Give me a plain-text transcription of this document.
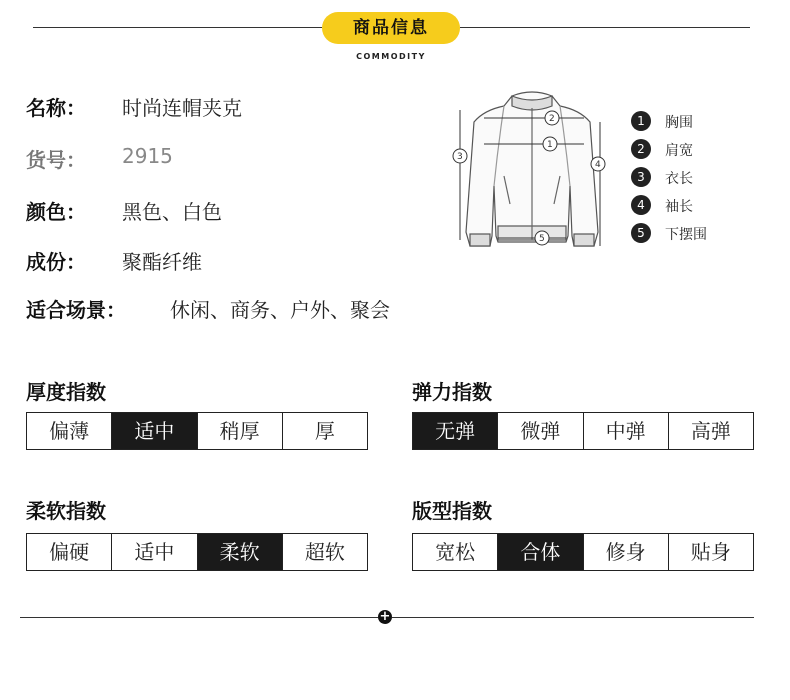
商品信息
COMMODITY
名称： 时尚连帽夹克
货号： 2915
颜色： 黑色、白色
成份： 聚酯纤维
适合场景： 休闲、商务、户外、聚会
2
1
3
4
5
1	胸围
2	肩宽
3	衣长
4	袖长
5	下摆围
厚度指数
偏薄	适中	稍厚	厚
弹力指数
无弹	微弹	中弹	高弹
柔软指数
偏硬	适中	柔软	超软
版型指数
宽松	合体	修身	贴身
+
